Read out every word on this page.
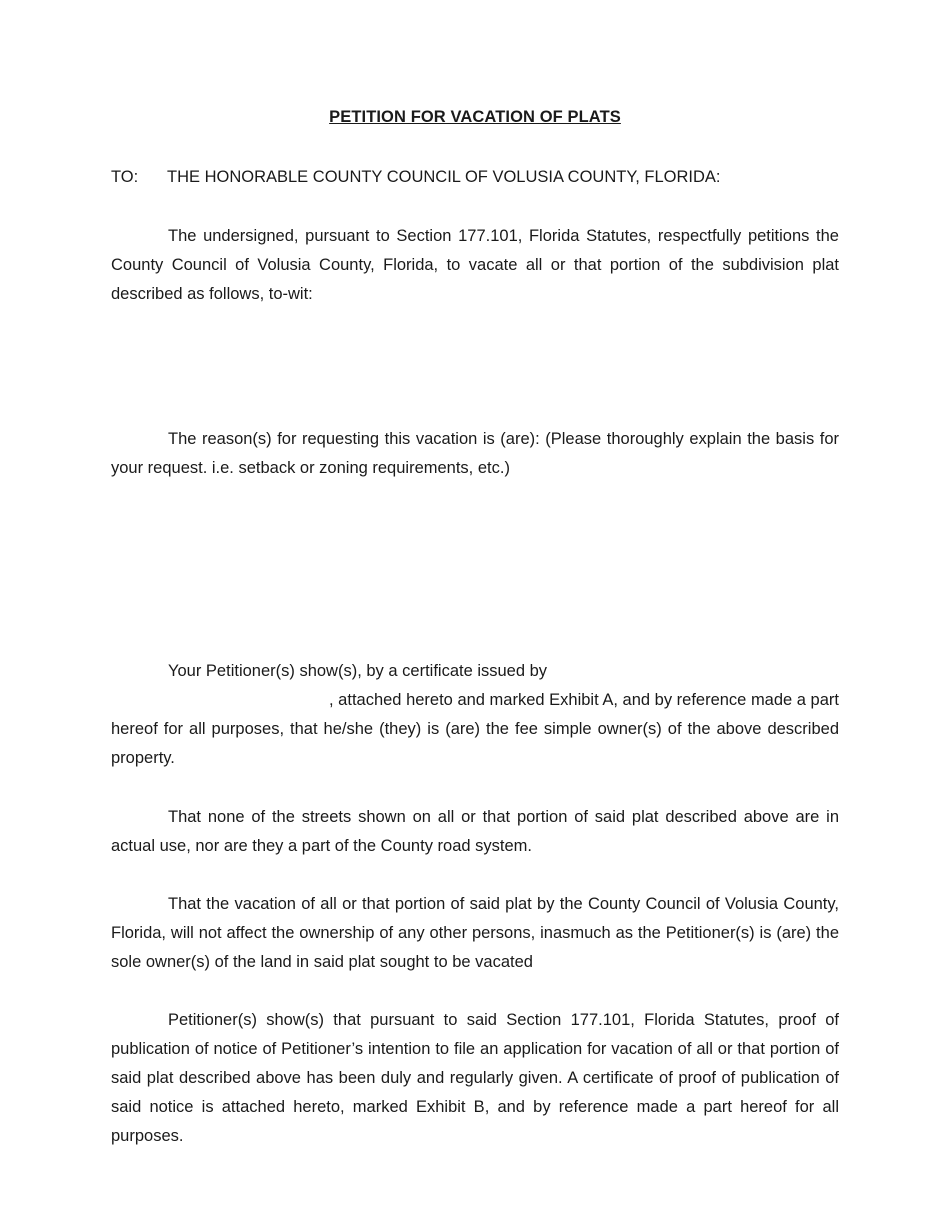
PETITION FOR VACATION OF PLATS
TO: THE HONORABLE COUNTY COUNCIL OF VOLUSIA COUNTY, FLORIDA:

The undersigned, pursuant to Section 177.101, Florida Statutes, respectfully petitions the County Council of Volusia County, Florida, to vacate all or that portion of the subdivision plat described as follows, to-wit:

The reason(s) for requesting this vacation is (are): (Please thoroughly explain the basis for your request. i.e. setback or zoning requirements, etc.)

Your Petitioner(s) show(s), by a certificate issued by
, attached hereto and marked Exhibit A, and by reference made a part
hereof for all purposes, that he/she (they) is (are) the fee simple owner(s) of the above described property.

That none of the streets shown on all or that portion of said plat described above are in actual use, nor are they a part of the County road system.

That the vacation of all or that portion of said plat by the County Council of Volusia County, Florida, will not affect the ownership of any other persons, inasmuch as the Petitioner(s) is (are) the sole owner(s) of the land in said plat sought to be vacated

Petitioner(s) show(s) that pursuant to said Section 177.101, Florida Statutes, proof of publication of notice of Petitioner’s intention to file an application for vacation of all or that portion of said plat described above has been duly and regularly given. A certificate of proof of publication of said notice is attached hereto, marked Exhibit B, and by reference made a part hereof for all purposes.
